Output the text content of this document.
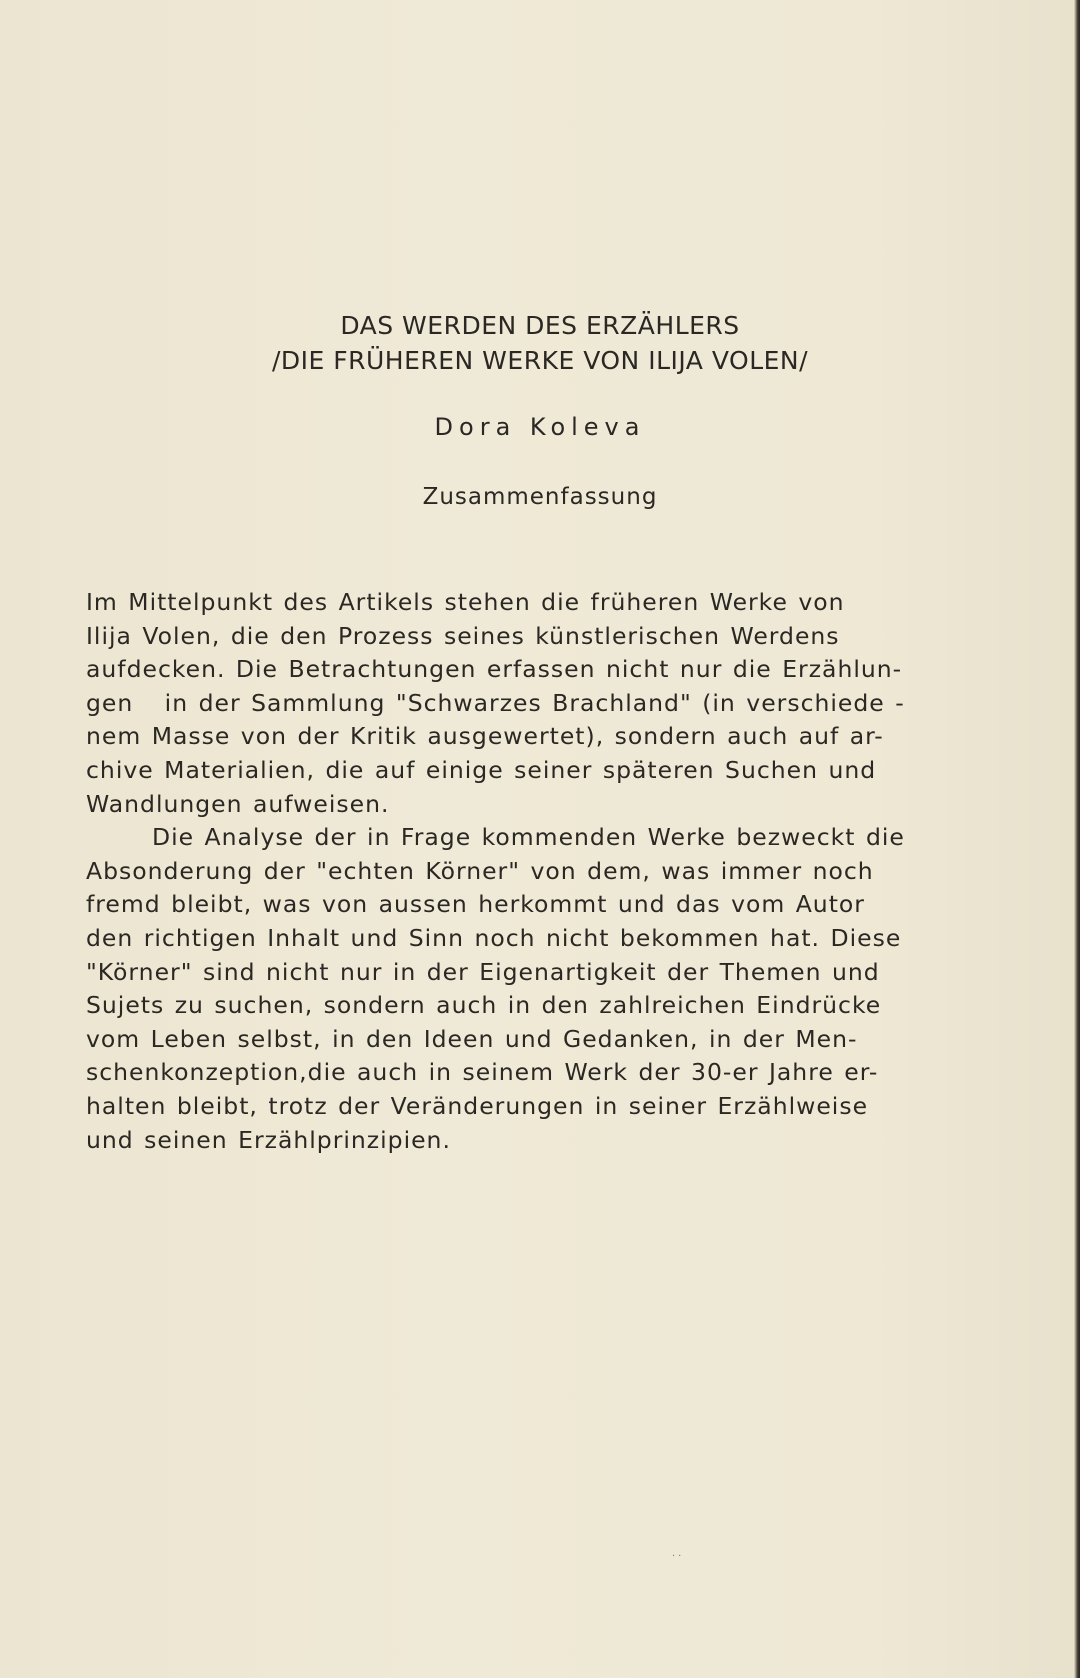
DAS WERDEN DES ERZÄHLERS
/DIE FRÜHEREN WERKE VON ILIJA VOLEN/
Dora Koleva
Zusammenfassung
Im Mittelpunkt des Artikels stehen die früheren Werke von
Ilija Volen, die den Prozess seines künstlerischen Werdens
aufdecken. Die Betrachtungen erfassen nicht nur die Erzählun-
gen   in der Sammlung "Schwarzes Brachland" (in verschiede -
nem Masse von der Kritik ausgewertet), sondern auch auf ar-
chive Materialien, die auf einige seiner späteren Suchen und
Wandlungen aufweisen.
Die Analyse der in Frage kommenden Werke bezweckt die
Absonderung der "echten Körner" von dem, was immer noch
fremd bleibt, was von aussen herkommt und das vom Autor
den richtigen Inhalt und Sinn noch nicht bekommen hat. Diese
"Körner" sind nicht nur in der Eigenartigkeit der Themen und
Sujets zu suchen, sondern auch in den zahlreichen Eindrücke
vom Leben selbst, in den Ideen und Gedanken, in der Men-
schenkonzeption,die auch in seinem Werk der 30-er Jahre er-
halten bleibt, trotz der Veränderungen in seiner Erzählweise
und seinen Erzählprinzipien.
..
